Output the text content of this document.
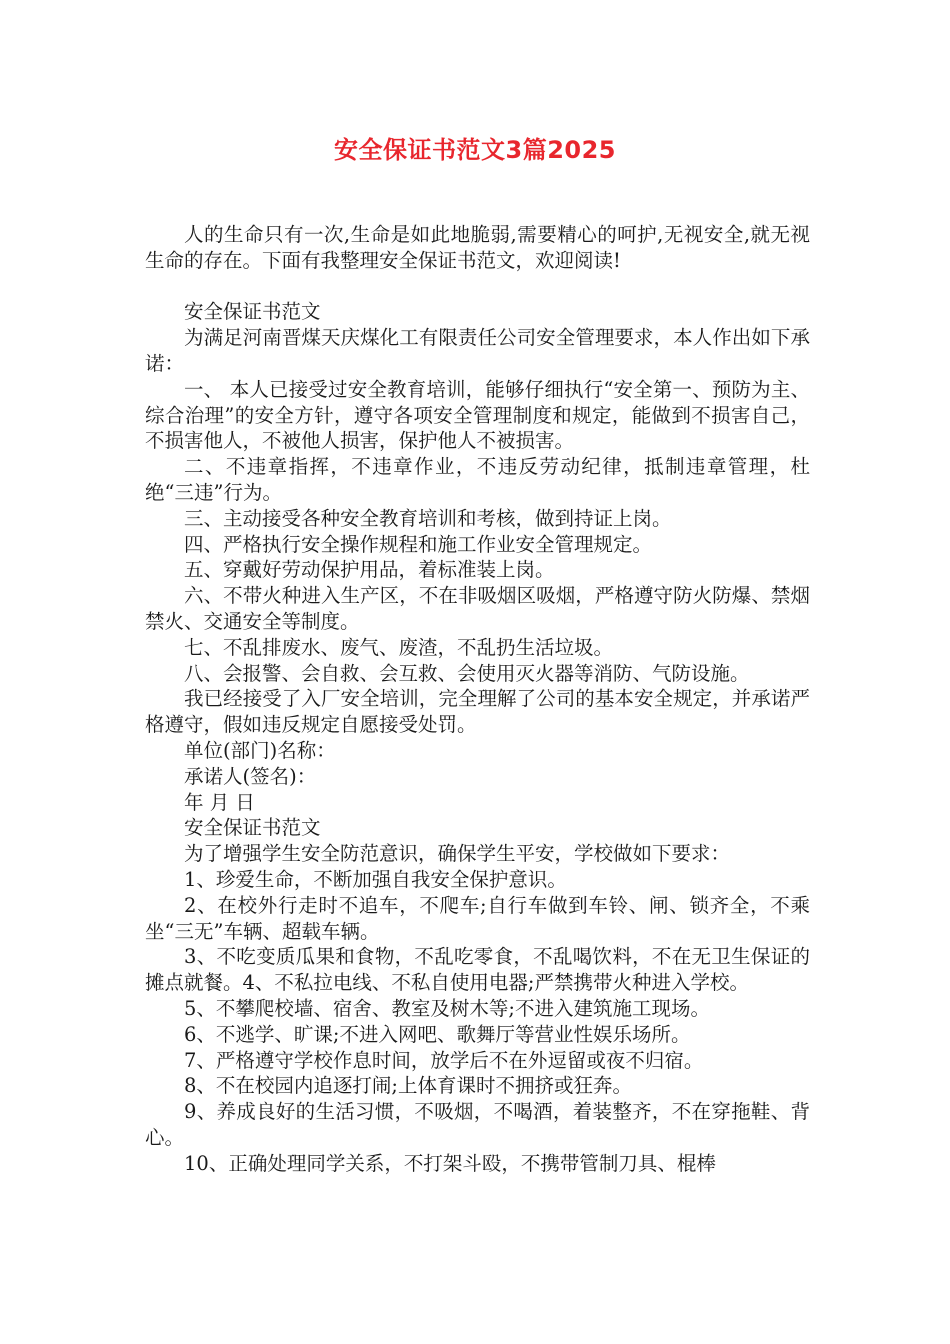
安全保证书范文3篇2025

人的生命只有一次,生命是如此地脆弱,需要精心的呵护,无视安全,就无视生命的存在。下面有我整理安全保证书范文，欢迎阅读!

安全保证书范文

为满足河南晋煤天庆煤化工有限责任公司安全管理要求，本人作出如下承诺：

一、 本人已接受过安全教育培训，能够仔细执行“安全第一、预防为主、综合治理”的安全方针，遵守各项安全管理制度和规定，能做到不损害自己，不损害他人，不被他人损害，保护他人不被损害。

二、不违章指挥，不违章作业，不违反劳动纪律，抵制违章管理，杜绝“三违”行为。

三、主动接受各种安全教育培训和考核，做到持证上岗。

四、严格执行安全操作规程和施工作业安全管理规定。

五、穿戴好劳动保护用品，着标准装上岗。

六、不带火种进入生产区，不在非吸烟区吸烟，严格遵守防火防爆、禁烟禁火、交通安全等制度。

七、不乱排废水、废气、废渣，不乱扔生活垃圾。

八、会报警、会自救、会互救、会使用灭火器等消防、气防设施。

我已经接受了入厂安全培训，完全理解了公司的基本安全规定，并承诺严格遵守，假如违反规定自愿接受处罚。

单位(部门)名称：

承诺人(签名)：

年 月 日

安全保证书范文

为了增强学生安全防范意识，确保学生平安，学校做如下要求：

1、珍爱生命，不断加强自我安全保护意识。

2、在校外行走时不追车，不爬车;自行车做到车铃、闸、锁齐全，不乘坐“三无”车辆、超载车辆。

3、不吃变质瓜果和食物，不乱吃零食，不乱喝饮料，不在无卫生保证的摊点就餐。4、不私拉电线、不私自使用电器;严禁携带火种进入学校。

5、不攀爬校墙、宿舍、教室及树木等;不进入建筑施工现场。

6、不逃学、旷课;不进入网吧、歌舞厅等营业性娱乐场所。

7、严格遵守学校作息时间，放学后不在外逗留或夜不归宿。

8、不在校园内追逐打闹;上体育课时不拥挤或狂奔。

9、养成良好的生活习惯，不吸烟，不喝酒，着装整齐，不在穿拖鞋、背心。

10、正确处理同学关系，不打架斗殴，不携带管制刀具、棍棒
